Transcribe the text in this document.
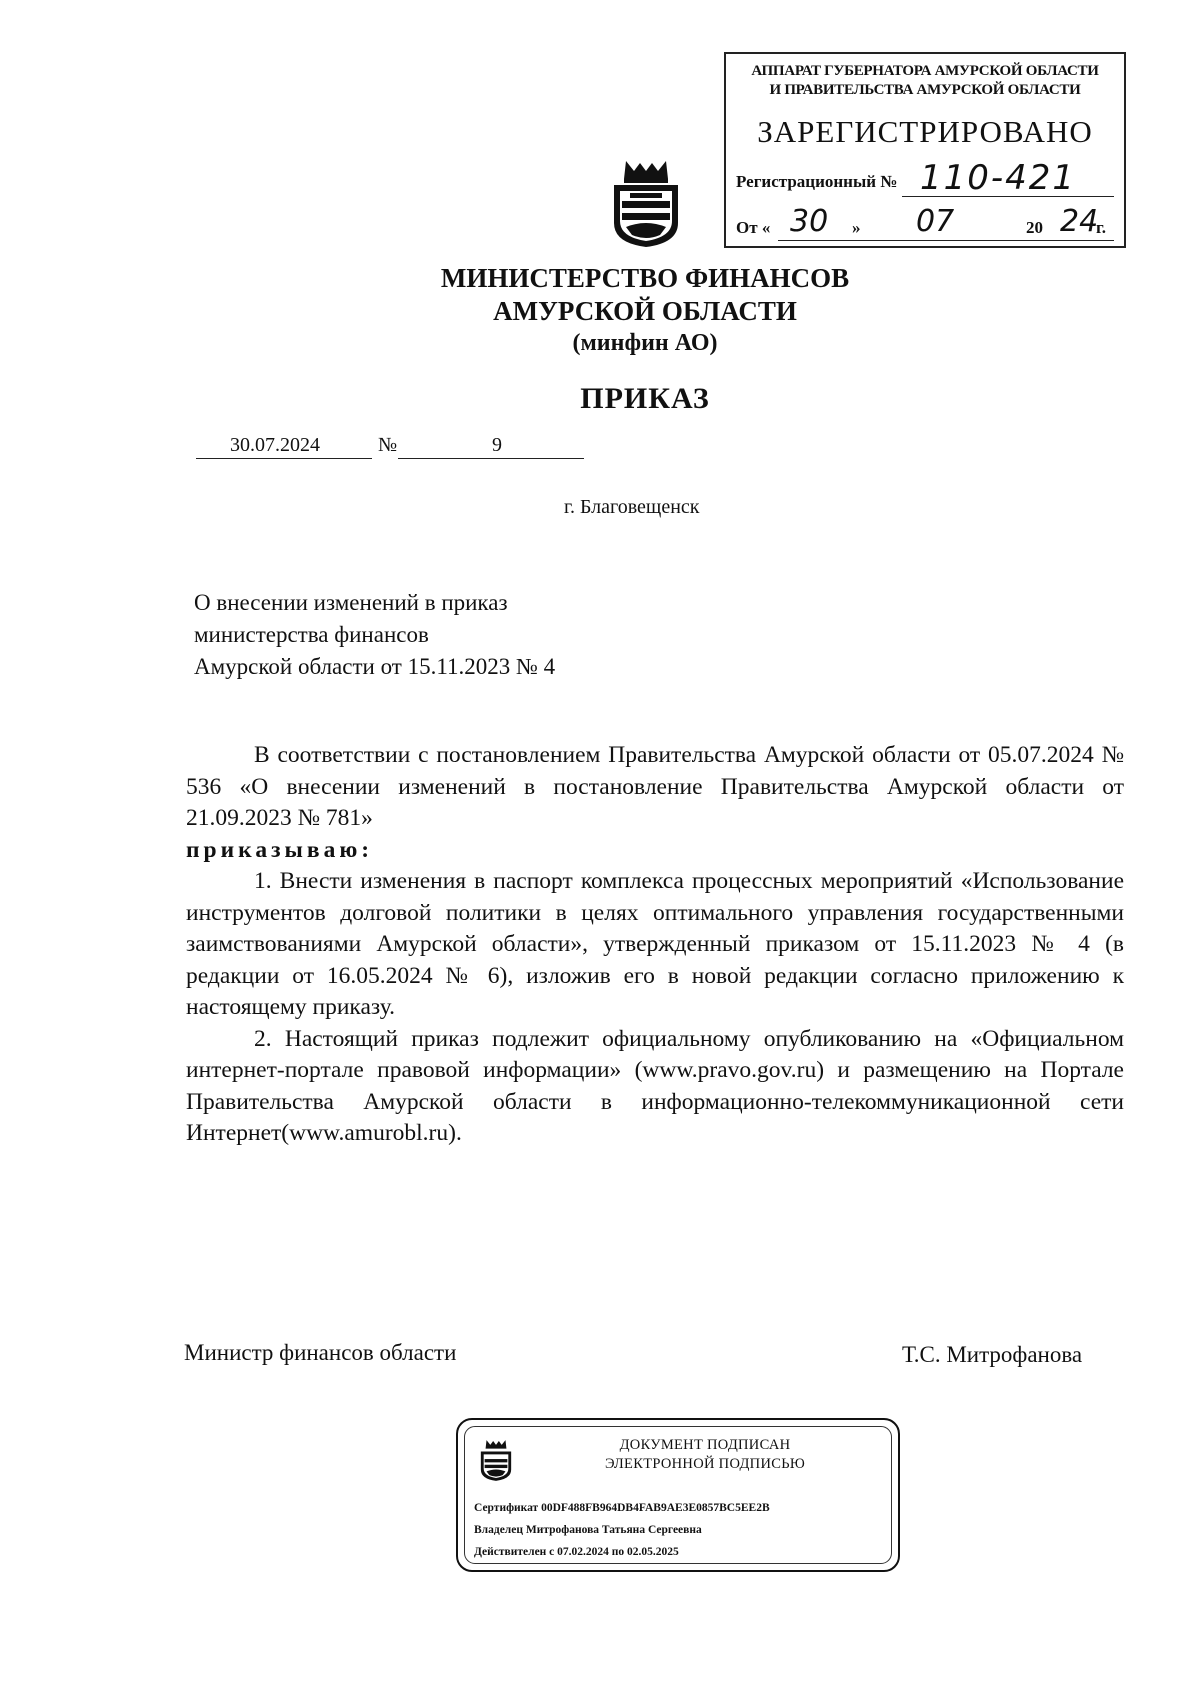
АППАРАТ ГУБЕРНАТОРА АМУРСКОЙ ОБЛАСТИ
И ПРАВИТЕЛЬСТВА АМУРСКОЙ ОБЛАСТИ
ЗАРЕГИСТРИРОВАНО
Регистрационный № 110-421
От « 30 » 07	20 24
г.
МИНИСТЕРСТВО ФИНАНСОВ
АМУРСКОЙ ОБЛАСТИ
(минфин АО)
ПРИКАЗ
30.07.2024	№	9
г. Благовещенск
О внесении изменений в приказ
министерства финансов
Амурской области от 15.11.2023 № 4

В соответствии с постановлением Правительства Амурской области от 05.07.2024 № 536 «О внесении изменений в постановление Правительства Амурской области от 21.09.2023 № 781»

приказываю:

1. Внести изменения в паспорт комплекса процессных мероприятий «Использование инструментов долговой политики в целях оптимального управления государственными заимствованиями Амурской области», утвержденный приказом от 15.11.2023 № 4 (в редакции от 16.05.2024 № 6), изложив его в новой редакции согласно приложению к настоящему приказу.

2. Настоящий приказ подлежит официальному опубликованию на «Официальном интернет-портале правовой информации» (www.pravo.gov.ru) и размещению на Портале Правительства Амурской области в информационно-телекоммуникационной сети Интернет(www.amurobl.ru).

Министр финансов области	Т.С. Митрофанова
ДОКУМЕНТ ПОДПИСАН
ЭЛЕКТРОННОЙ ПОДПИСЬЮ
Сертификат 00DF488FB964DB4FAB9AE3E0857BC5EE2B
Владелец Митрофанова Татьяна Сергеевна
Действителен с 07.02.2024 по 02.05.2025
